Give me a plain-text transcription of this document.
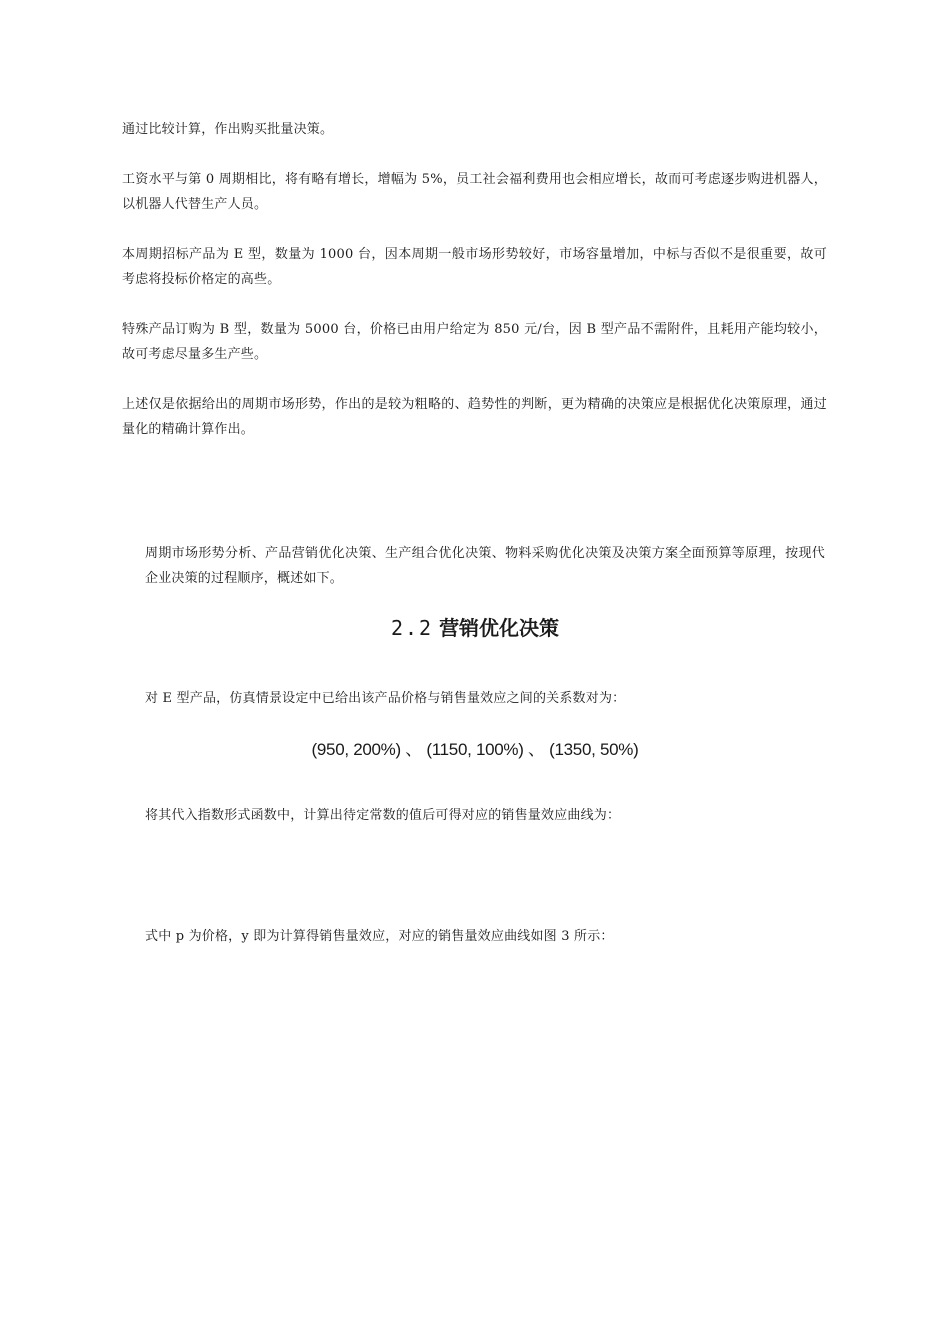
通过比较计算，作出购买批量决策。

工资水平与第 0 周期相比，将有略有增长，增幅为 5%，员工社会福利费用也会相应增长，故而可考虑逐步购进机器人，以机器人代替生产人员。

本周期招标产品为 E 型，数量为 1000 台，因本周期一般市场形势较好，市场容量增加，中标与否似不是很重要，故可考虑将投标价格定的高些。

特殊产品订购为 B 型，数量为 5000 台，价格已由用户给定为 850 元/台，因 B 型产品不需附件，且耗用产能均较小，故可考虑尽量多生产些。

上述仅是依据给出的周期市场形势，作出的是较为粗略的、趋势性的判断，更为精确的决策应是根据优化决策原理，通过量化的精确计算作出。

周期市场形势分析、产品营销优化决策、生产组合优化决策、物料采购优化决策及决策方案全面预算等原理，按现代企业决策的过程顺序，概述如下。

2.2 营销优化决策

对 E 型产品，仿真情景设定中已给出该产品价格与销售量效应之间的关系数对为：

(950, 200%) 、 (1150, 100%) 、 (1350, 50%)

将其代入指数形式函数中，计算出待定常数的值后可得对应的销售量效应曲线为：

式中 p 为价格，y 即为计算得销售量效应，对应的销售量效应曲线如图 3 所示：
